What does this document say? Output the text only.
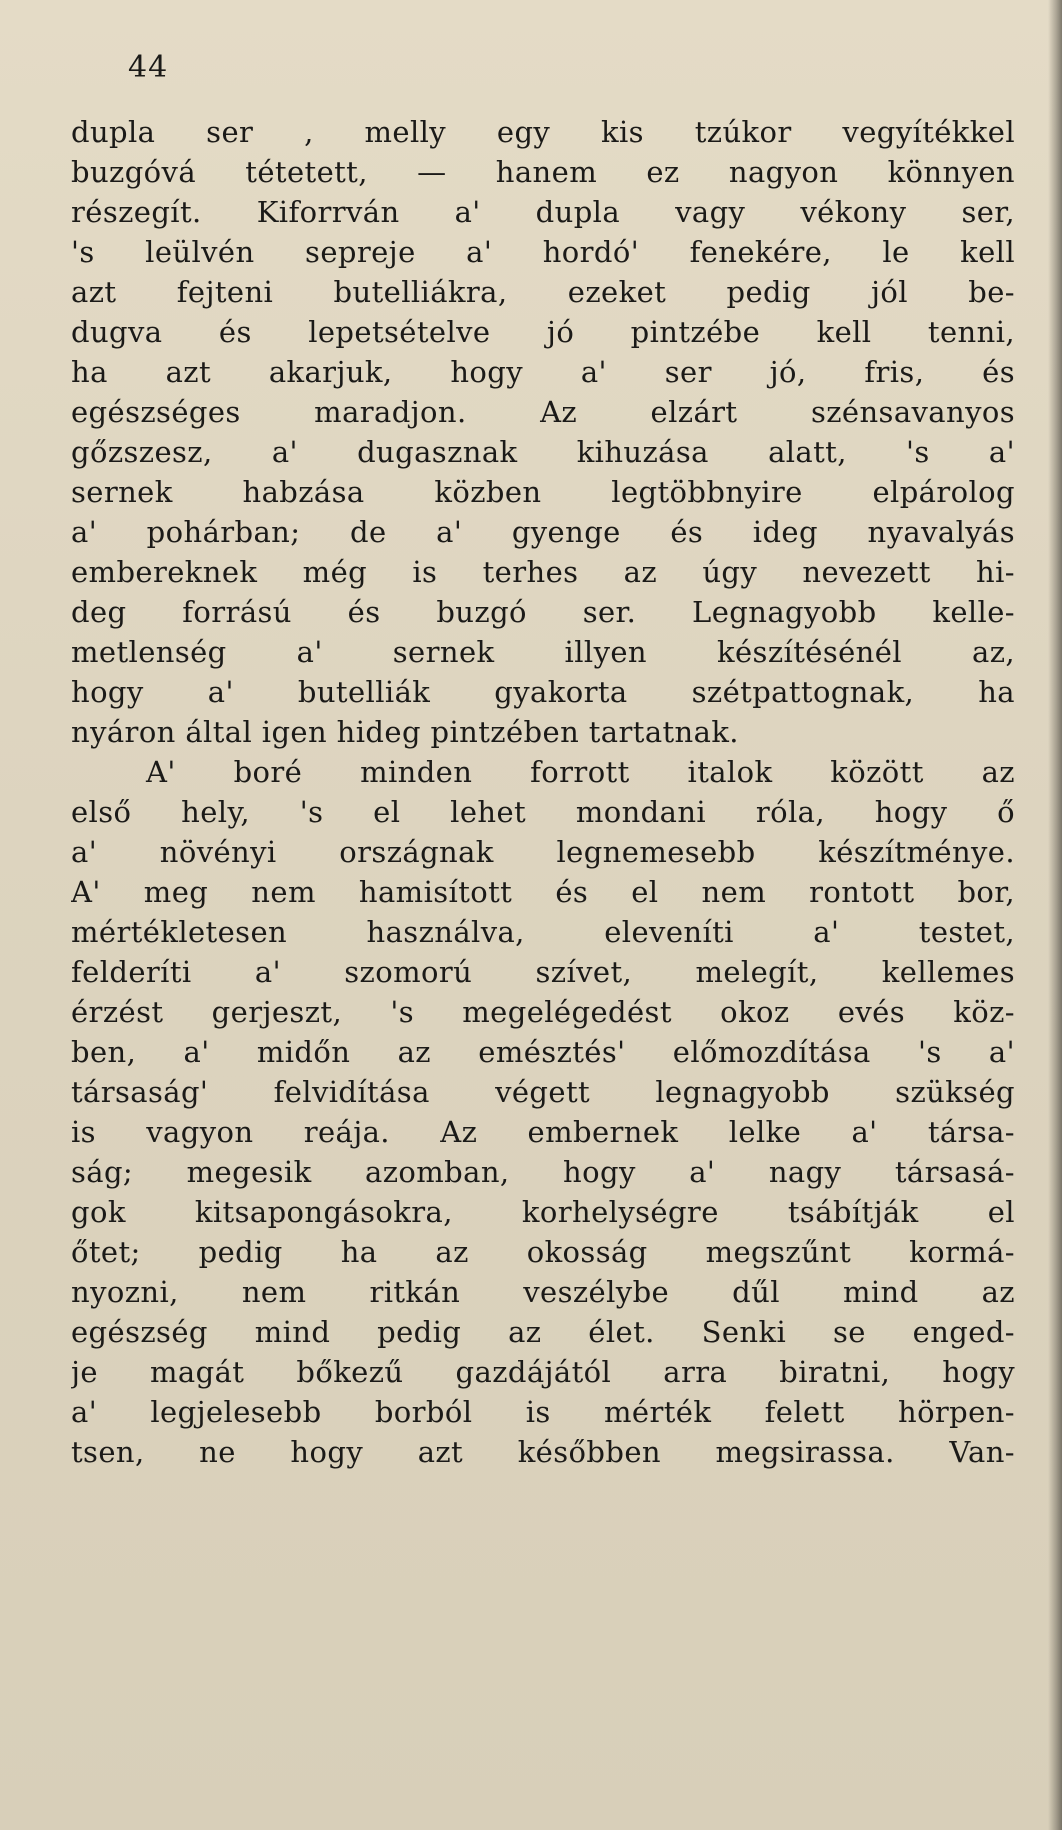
44
dupla ser , melly egy kis tzúkor vegyítékkel
buzgóvá tétetett, — hanem ez nagyon könnyen
részegít. Kiforrván a' dupla vagy vékony ser,
's leülvén sepreje a' hordó' fenekére, le kell
azt fejteni butelliákra, ezeket pedig jól be-
dugva és lepetsételve jó pintzébe kell tenni,
ha azt akarjuk, hogy a' ser jó, fris, és
egészséges maradjon. Az elzárt szénsavanyos
gőzszesz, a' dugasznak kihuzása alatt, 's a'
sernek habzása közben legtöbbnyire elpárolog
a' pohárban; de a' gyenge és ideg nyavalyás
embereknek még is terhes az úgy nevezett hi-
deg forrású és buzgó ser. Legnagyobb kelle-
metlenség a' sernek illyen készítésénél az,
hogy a' butelliák gyakorta szétpattognak, ha
nyáron által igen hideg pintzében tartatnak.
A' boré minden forrott italok között az
első hely, 's el lehet mondani róla, hogy ő
a' növényi országnak legnemesebb készítménye.
A' meg nem hamisított és el nem rontott bor,
mértékletesen használva, eleveníti a' testet,
felderíti a' szomorú szívet, melegít, kellemes
érzést gerjeszt, 's megelégedést okoz evés köz-
ben, a' midőn az emésztés' előmozdítása 's a'
társaság' felvidítása végett legnagyobb szükség
is vagyon reája. Az embernek lelke a' társa-
ság; megesik azomban, hogy a' nagy társasá-
gok kitsapongásokra, korhelységre tsábítják el
őtet; pedig ha az okosság megszűnt kormá-
nyozni, nem ritkán veszélybe dűl mind az
egészség mind pedig az élet. Senki se enged-
je magát bőkezű gazdájától arra biratni, hogy
a' legjelesebb borból is mérték felett hörpen-
tsen, ne hogy azt későbben megsirassa. Van-
